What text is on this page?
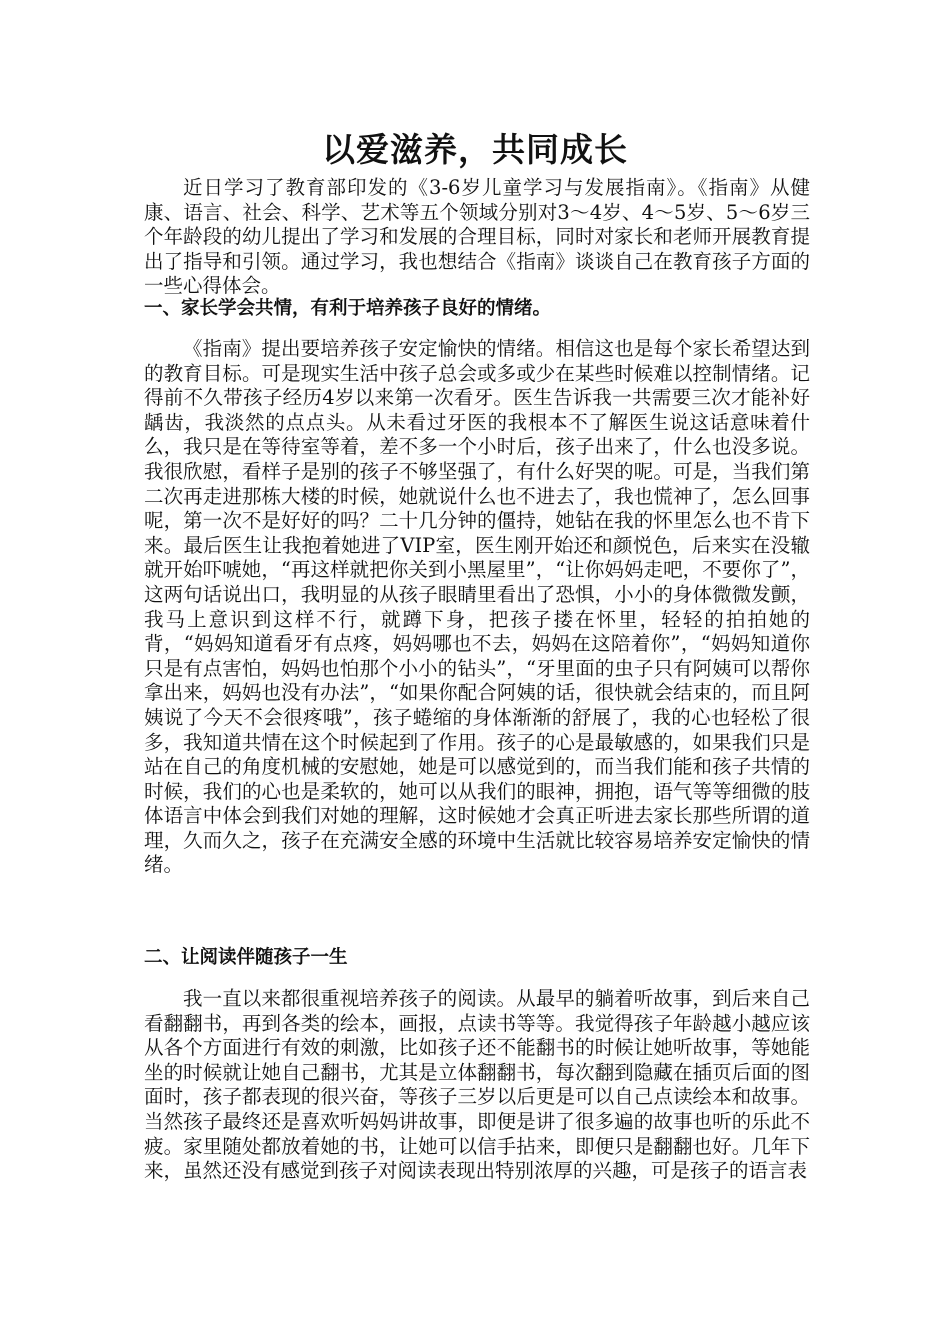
以爱滋养，共同成长

近日学习了教育部印发的《3-6岁儿童学习与发展指南》。《指南》从健康、语言、社会、科学、艺术等五个领域分别对3～4岁、4～5岁、5～6岁三个年龄段的幼儿提出了学习和发展的合理目标，同时对家长和老师开展教育提出了指导和引领。通过学习，我也想结合《指南》谈谈自己在教育孩子方面的一些心得体会。

一、家长学会共情，有利于培养孩子良好的情绪。

《指南》提出要培养孩子安定愉快的情绪。相信这也是每个家长希望达到的教育目标。可是现实生活中孩子总会或多或少在某些时候难以控制情绪。记得前不久带孩子经历4岁以来第一次看牙。医生告诉我一共需要三次才能补好龋齿，我淡然的点点头。从未看过牙医的我根本不了解医生说这话意味着什么，我只是在等待室等着，差不多一个小时后，孩子出来了，什么也没多说。我很欣慰，看样子是别的孩子不够坚强了，有什么好哭的呢。可是，当我们第二次再走进那栋大楼的时候，她就说什么也不进去了，我也慌神了，怎么回事呢，第一次不是好好的吗？二十几分钟的僵持，她钻在我的怀里怎么也不肯下来。最后医生让我抱着她进了VIP室，医生刚开始还和颜悦色，后来实在没辙就开始吓唬她，“再这样就把你关到小黑屋里”，“让你妈妈走吧，不要你了”，这两句话说出口，我明显的从孩子眼睛里看出了恐惧，小小的身体微微发颤，我马上意识到这样不行，就蹲下身，把孩子搂在怀里，轻轻的拍拍她的背，“妈妈知道看牙有点疼，妈妈哪也不去，妈妈在这陪着你”，“妈妈知道你只是有点害怕，妈妈也怕那个小小的钻头”，“牙里面的虫子只有阿姨可以帮你拿出来，妈妈也没有办法”，“如果你配合阿姨的话，很快就会结束的，而且阿姨说了今天不会很疼哦”，孩子蜷缩的身体渐渐的舒展了，我的心也轻松了很多，我知道共情在这个时候起到了作用。孩子的心是最敏感的，如果我们只是站在自己的角度机械的安慰她，她是可以感觉到的，而当我们能和孩子共情的时候，我们的心也是柔软的，她可以从我们的眼神，拥抱，语气等等细微的肢体语言中体会到我们对她的理解，这时候她才会真正听进去家长那些所谓的道理，久而久之，孩子在充满安全感的环境中生活就比较容易培养安定愉快的情绪。

二、让阅读伴随孩子一生

我一直以来都很重视培养孩子的阅读。从最早的躺着听故事，到后来自己看翻翻书，再到各类的绘本，画报，点读书等等。我觉得孩子年龄越小越应该从各个方面进行有效的刺激，比如孩子还不能翻书的时候让她听故事，等她能坐的时候就让她自己翻书，尤其是立体翻翻书，每次翻到隐藏在插页后面的图面时，孩子都表现的很兴奋，等孩子三岁以后更是可以自己点读绘本和故事。当然孩子最终还是喜欢听妈妈讲故事，即便是讲了很多遍的故事也听的乐此不疲。家里随处都放着她的书，让她可以信手拈来，即便只是翻翻也好。几年下来，虽然还没有感觉到孩子对阅读表现出特别浓厚的兴趣，可是孩子的语言表
